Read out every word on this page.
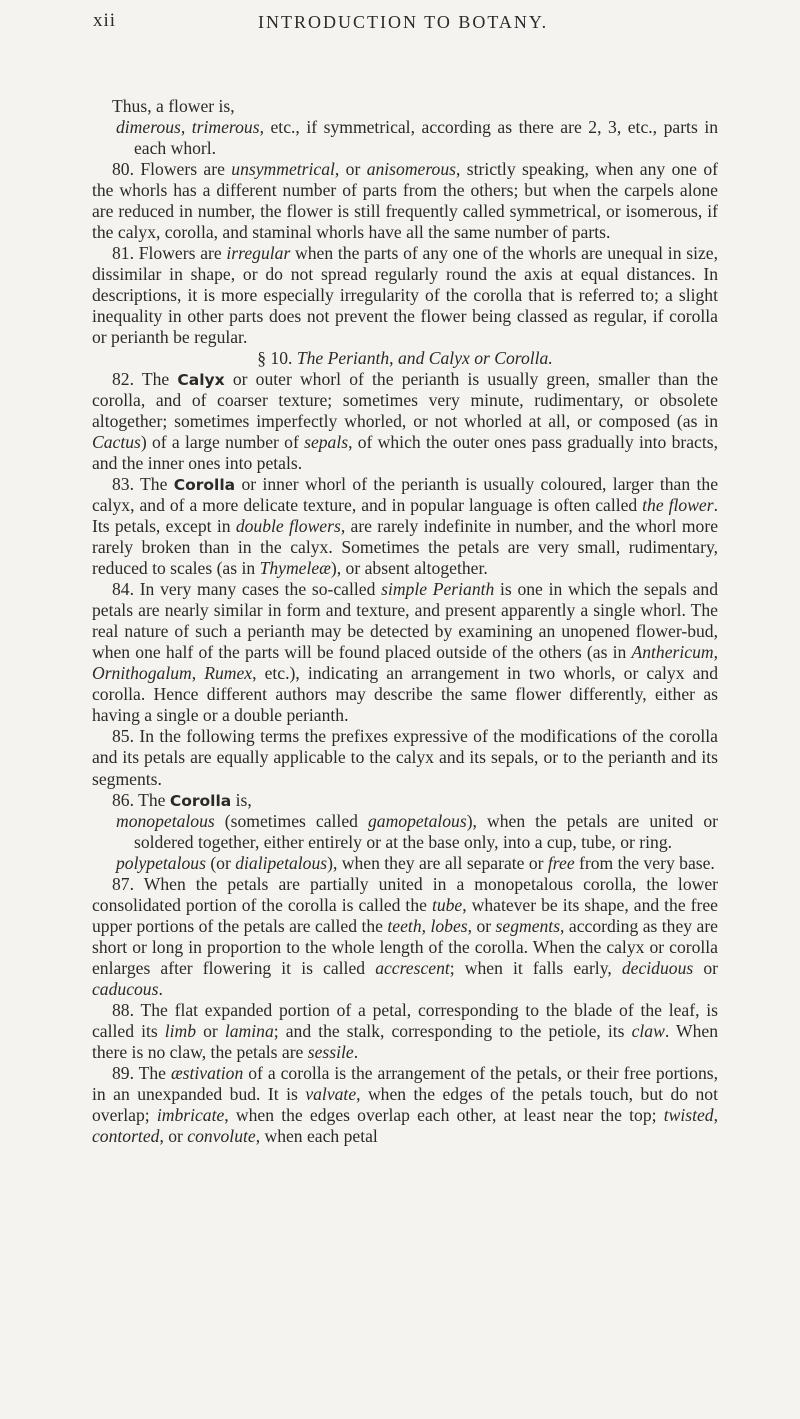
xii	INTRODUCTION TO BOTANY.

Thus, a flower is,

dimerous, trimerous, etc., if symmetrical, according as there are 2, 3, etc., parts in each whorl.

80. Flowers are unsymmetrical, or anisomerous, strictly speaking, when any one of the whorls has a different number of parts from the others; but when the carpels alone are reduced in number, the flower is still frequently called symmetrical, or isomerous, if the calyx, corolla, and staminal whorls have all the same number of parts.

81. Flowers are irregular when the parts of any one of the whorls are unequal in size, dissimilar in shape, or do not spread regularly round the axis at equal distances. In descriptions, it is more especially irregularity of the corolla that is referred to; a slight inequality in other parts does not prevent the flower being classed as regular, if corolla or perianth be regular.

§ 10. The Perianth, and Calyx or Corolla.

82. The Calyx or outer whorl of the perianth is usually green, smaller than the corolla, and of coarser texture; sometimes very minute, rudimentary, or obsolete altogether; sometimes imperfectly whorled, or not whorled at all, or composed (as in Cactus) of a large number of sepals, of which the outer ones pass gradually into bracts, and the inner ones into petals.

83. The Corolla or inner whorl of the perianth is usually coloured, larger than the calyx, and of a more delicate texture, and in popular language is often called the flower. Its petals, except in double flowers, are rarely indefinite in number, and the whorl more rarely broken than in the calyx. Sometimes the petals are very small, rudimentary, reduced to scales (as in Thymeleæ), or absent altogether.

84. In very many cases the so-called simple Perianth is one in which the sepals and petals are nearly similar in form and texture, and present apparently a single whorl. The real nature of such a perianth may be detected by examining an unopened flower-bud, when one half of the parts will be found placed outside of the others (as in Anthericum, Ornithogalum, Rumex, etc.), indicating an arrangement in two whorls, or calyx and corolla. Hence different authors may describe the same flower differently, either as having a single or a double perianth.

85. In the following terms the prefixes expressive of the modifications of the corolla and its petals are equally applicable to the calyx and its sepals, or to the perianth and its segments.

86. The Corolla is,

monopetalous (sometimes called gamopetalous), when the petals are united or soldered together, either entirely or at the base only, into a cup, tube, or ring.

polypetalous (or dialipetalous), when they are all separate or free from the very base.

87. When the petals are partially united in a monopetalous corolla, the lower consolidated portion of the corolla is called the tube, whatever be its shape, and the free upper portions of the petals are called the teeth, lobes, or segments, according as they are short or long in proportion to the whole length of the corolla. When the calyx or corolla enlarges after flowering it is called accrescent; when it falls early, deciduous or caducous.

88. The flat expanded portion of a petal, corresponding to the blade of the leaf, is called its limb or lamina; and the stalk, corresponding to the petiole, its claw. When there is no claw, the petals are sessile.

89. The æstivation of a corolla is the arrangement of the petals, or their free portions, in an unexpanded bud. It is valvate, when the edges of the petals touch, but do not overlap; imbricate, when the edges overlap each other, at least near the top; twisted, contorted, or convolute, when each petal
